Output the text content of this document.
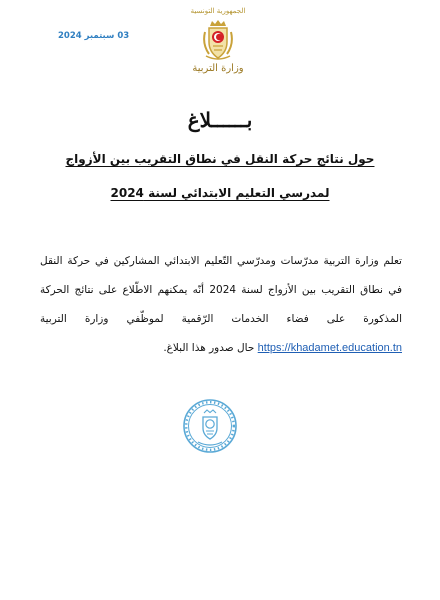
03 سبتمبر 2024
الجمهورية التونسية
وزارة التربية
بــــــلاغ
حول نتائج حركة النقل في نطاق التقريب بين الأزواج
لمدرسي التعليم الابتدائي لسنة 2024

تعلم وزارة التربية مدرّسات ومدرّسي التّعليم الابتدائي المشاركين في حركة النقل في نطاق التقريب بين الأزواج لسنة 2024 أنّه يمكنهم الاطّلاع على نتائج الحركة المذكورة على فضاء الخدمات الرّقمية لموظّفي وزارة التربية https://khadamet.education.tn حال صدور هذا البلاغ.
